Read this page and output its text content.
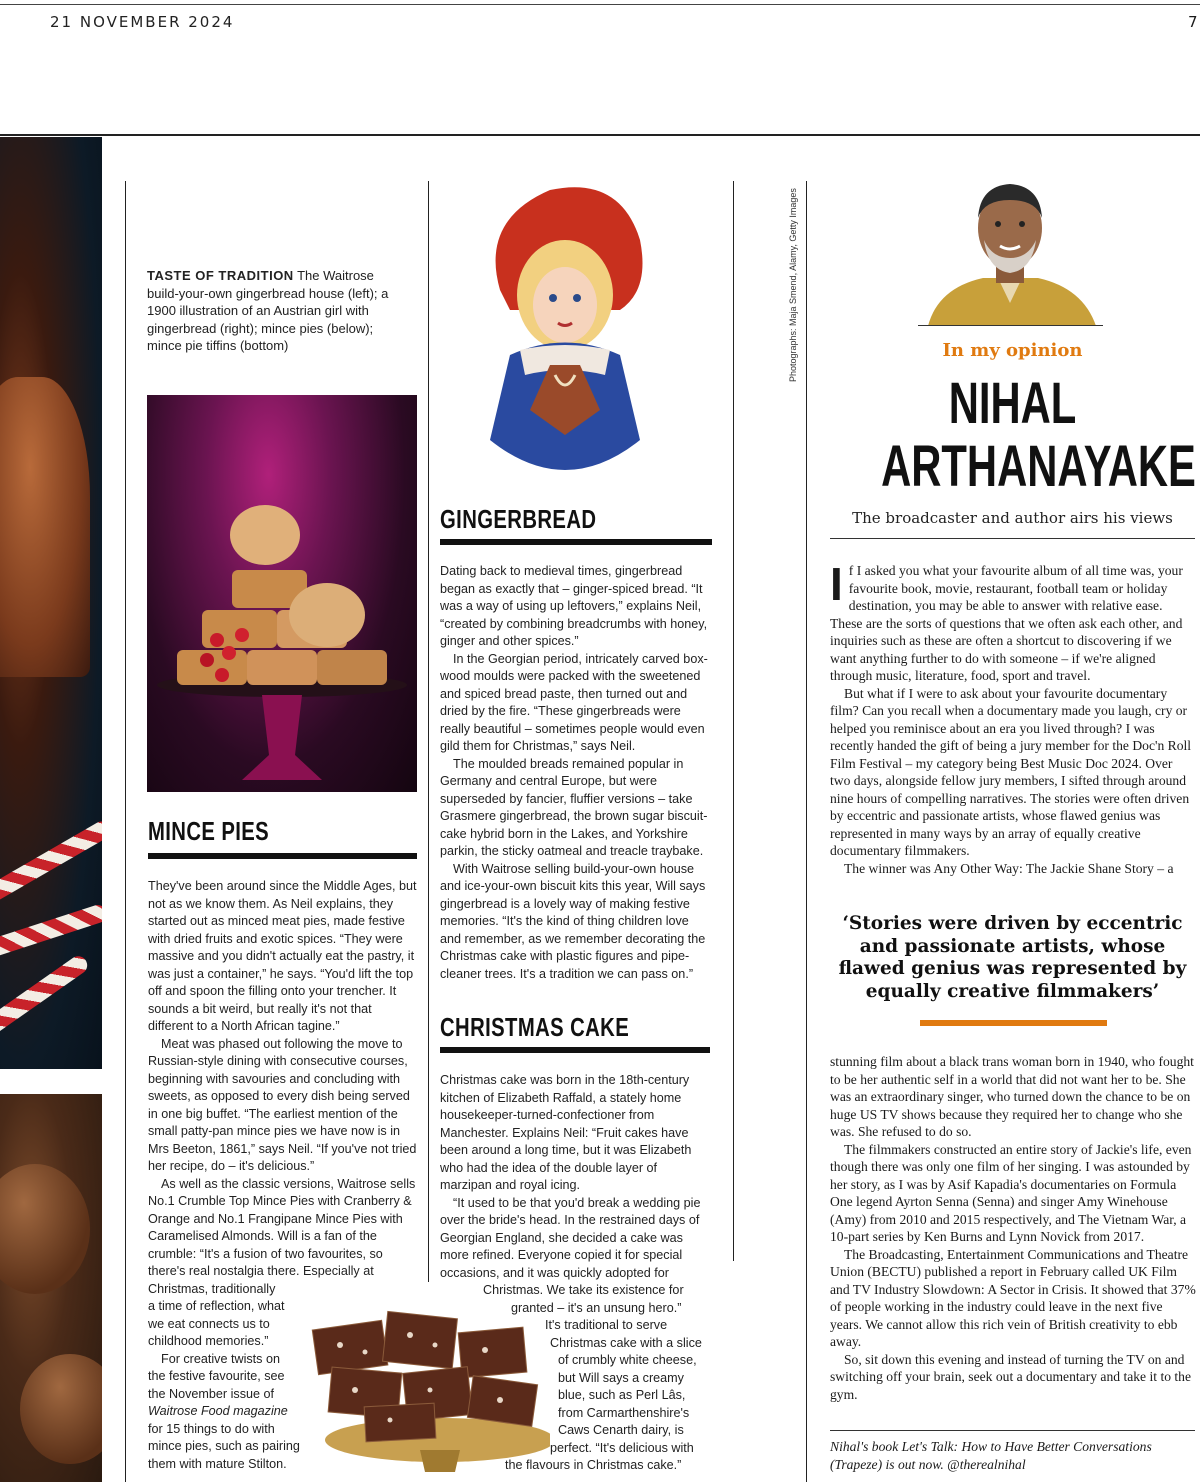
21 NOVEMBER 2024	7
TASTE OF TRADITION The Waitrose build-your-own gingerbread house (left); a 1900 illustration of an Austrian girl with gingerbread (right); mince pies (below); mince pie tiffins (bottom)
MINCE PIES

They've been around since the Middle Ages, but not as we know them. As Neil explains, they started out as minced meat pies, made festive with dried fruits and exotic spices. “They were massive and you didn't actually eat the pastry, it was just a container,” he says. “You'd lift the top off and spoon the filling onto your trencher. It sounds a bit weird, but really it's not that different to a North African tagine.”

Meat was phased out following the move to Russian-style dining with consecutive courses, beginning with savouries and concluding with sweets, as opposed to every dish being served in one big buffet. “The earliest mention of the small patty-pan mince pies we have now is in Mrs Beeton, 1861,” says Neil. “If you've not tried her recipe, do – it's delicious.”

As well as the classic versions, Waitrose sells No.1 Crumble Top Mince Pies with Cranberry & Orange and No.1 Frangipane Mince Pies with Caramelised Almonds. Will is a fan of the crumble: “It's a fusion of two favourites, so there's real nostalgia there. Especially at Christmas, traditionally

a time of reflection, what
we eat connects us to
childhood memories.”
For creative twists on
the festive favourite, see
the November issue of
Waitrose Food magazine
for 15 things to do with
mince pies, such as pairing
them with mature Stilton.
GINGERBREAD

Dating back to medieval times, gingerbread began as exactly that – ginger-spiced bread. “It was a way of using up leftovers,” explains Neil, “created by combining breadcrumbs with honey, ginger and other spices.”

In the Georgian period, intricately carved box-wood moulds were packed with the sweetened and spiced bread paste, then turned out and dried by the fire. “These gingerbreads were really beautiful – sometimes people would even gild them for Christmas,” says Neil.

The moulded breads remained popular in Germany and central Europe, but were superseded by fancier, fluffier versions – take Grasmere gingerbread, the brown sugar biscuit-cake hybrid born in the Lakes, and Yorkshire parkin, the sticky oatmeal and treacle traybake.

With Waitrose selling build-your-own house and ice-your-own biscuit kits this year, Will says gingerbread is a lovely way of making festive memories. “It's the kind of thing children love and remember, as we remember decorating the Christmas cake with plastic figures and pipe-cleaner trees. It's a tradition we can pass on.”

CHRISTMAS CAKE

Christmas cake was born in the 18th-century kitchen of Elizabeth Raffald, a stately home housekeeper-turned-confectioner from Manchester. Explains Neil: “Fruit cakes have been around a long time, but it was Elizabeth who had the idea of the double layer of marzipan and royal icing.

“It used to be that you'd break a wedding pie over the bride's head. In the restrained days of Georgian England, she decided a cake was more refined. Everyone copied it for special occasions, and it was quickly adopted for

Christmas. We take its existence for
granted – it's an unsung hero.”
It's traditional to serve
Christmas cake with a slice
of crumbly white cheese,
but Will says a creamy
blue, such as Perl Lâs,
from Carmarthenshire's
Caws Cenarth dairy, is
perfect. “It's delicious with
the flavours in Christmas cake.”
Photographs: Maja Smend, Alamy, Getty Images	In my opinion
NIHAL
ARTHANAYAKE
The broadcaster and author airs his views

If I asked you what your favourite album of all time was, your favourite book, movie, restaurant, football team or holiday destination, you may be able to answer with relative ease. These are the sorts of questions that we often ask each other, and inquiries such as these are often a shortcut to discovering if we want anything further to do with someone – if we're aligned through music, literature, food, sport and travel.

But what if I were to ask about your favourite documentary film? Can you recall when a documentary made you laugh, cry or helped you reminisce about an era you lived through? I was recently handed the gift of being a jury member for the Doc'n Roll Film Festival – my category being Best Music Doc 2024. Over two days, alongside fellow jury members, I sifted through around nine hours of compelling narratives. The stories were often driven by eccentric and passionate artists, whose flawed genius was represented in many ways by an array of equally creative documentary filmmakers.

The winner was Any Other Way: The Jackie Shane Story – a

‘Stories were driven by eccentric and passionate artists, whose flawed genius was represented by equally creative filmmakers’

stunning film about a black trans woman born in 1940, who fought to be her authentic self in a world that did not want her to be. She was an extraordinary singer, who turned down the chance to be on huge US TV shows because they required her to change who she was. She refused to do so.

The filmmakers constructed an entire story of Jackie's life, even though there was only one film of her singing. I was astounded by her story, as I was by Asif Kapadia's documentaries on Formula One legend Ayrton Senna (Senna) and singer Amy Winehouse (Amy) from 2010 and 2015 respectively, and The Vietnam War, a 10-part series by Ken Burns and Lynn Novick from 2017.

The Broadcasting, Entertainment Communications and Theatre Union (BECTU) published a report in February called UK Film and TV Industry Slowdown: A Sector in Crisis. It showed that 37% of people working in the industry could leave in the next five years. We cannot allow this rich vein of British creativity to ebb away.

So, sit down this evening and instead of turning the TV on and switching off your brain, seek out a documentary and take it to the gym.

Nihal's book Let's Talk: How to Have Better Conversations (Trapeze) is out now. @therealnihal
